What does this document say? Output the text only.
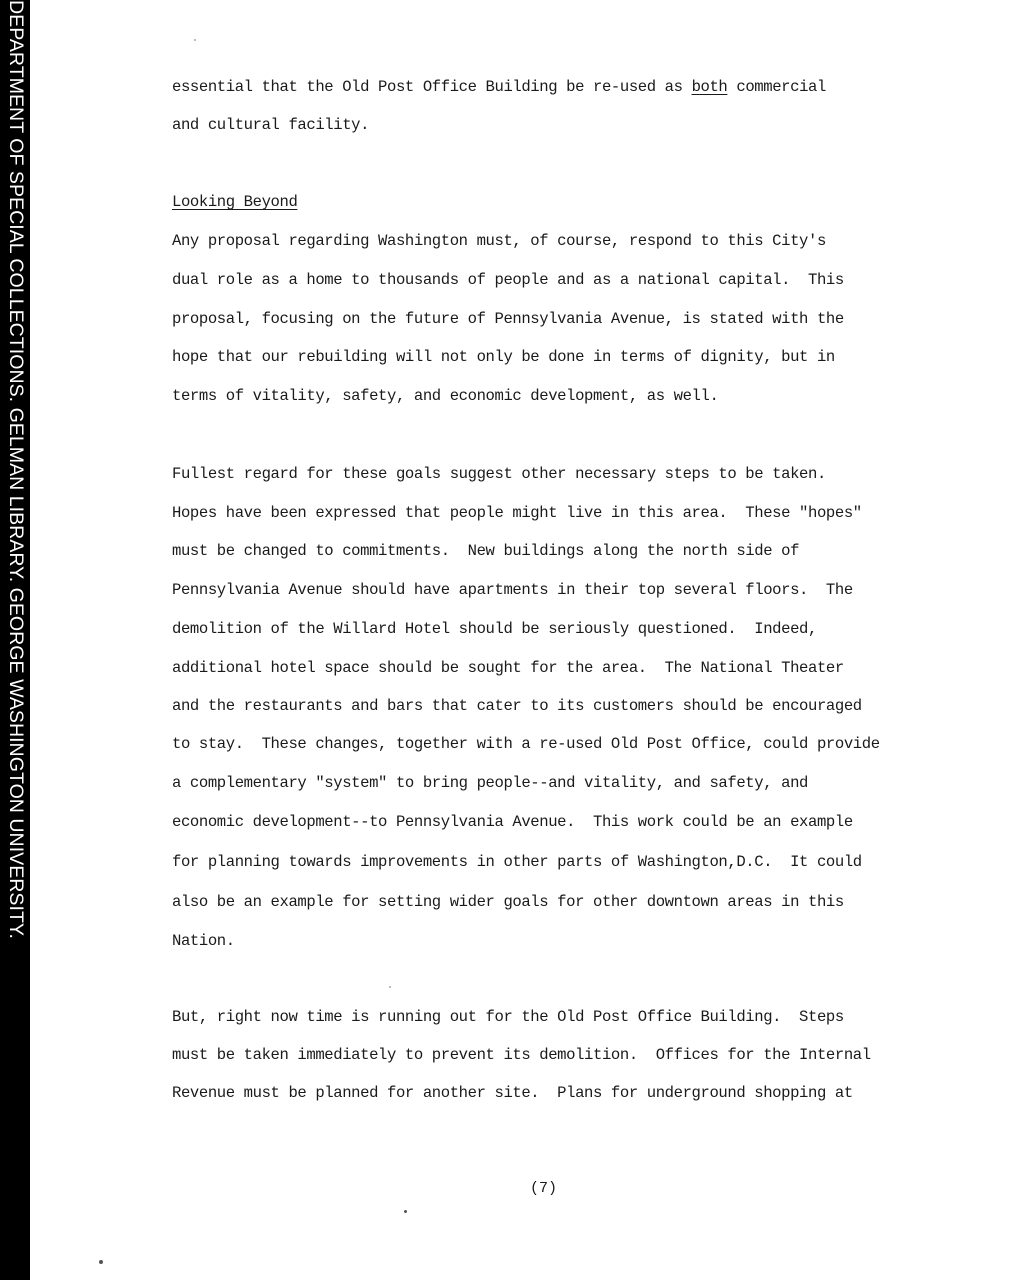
DEPARTMENT OF SPECIAL COLLECTIONS. GELMAN LIBRARY. GEORGE WASHINGTON UNIVERSITY.	essential that the Old Post Office Building be re-used as both commercial
and cultural facility.
Looking Beyond
Any proposal regarding Washington must, of course, respond to this City's
dual role as a home to thousands of people and as a national capital.  This
proposal, focusing on the future of Pennsylvania Avenue, is stated with the
hope that our rebuilding will not only be done in terms of dignity, but in
terms of vitality, safety, and economic development, as well.
Fullest regard for these goals suggest other necessary steps to be taken.
Hopes have been expressed that people might live in this area.  These "hopes"
must be changed to commitments.  New buildings along the north side of
Pennsylvania Avenue should have apartments in their top several floors.  The
demolition of the Willard Hotel should be seriously questioned.  Indeed,
additional hotel space should be sought for the area.  The National Theater
and the restaurants and bars that cater to its customers should be encouraged
to stay.  These changes, together with a re-used Old Post Office, could provide
a complementary "system" to bring people--and vitality, and safety, and
economic development--to Pennsylvania Avenue.  This work could be an example
for planning towards improvements in other parts of Washington,D.C.  It could
also be an example for setting wider goals for other downtown areas in this
Nation.
But, right now time is running out for the Old Post Office Building.  Steps
must be taken immediately to prevent its demolition.  Offices for the Internal
Revenue must be planned for another site.  Plans for underground shopping at
(7)
